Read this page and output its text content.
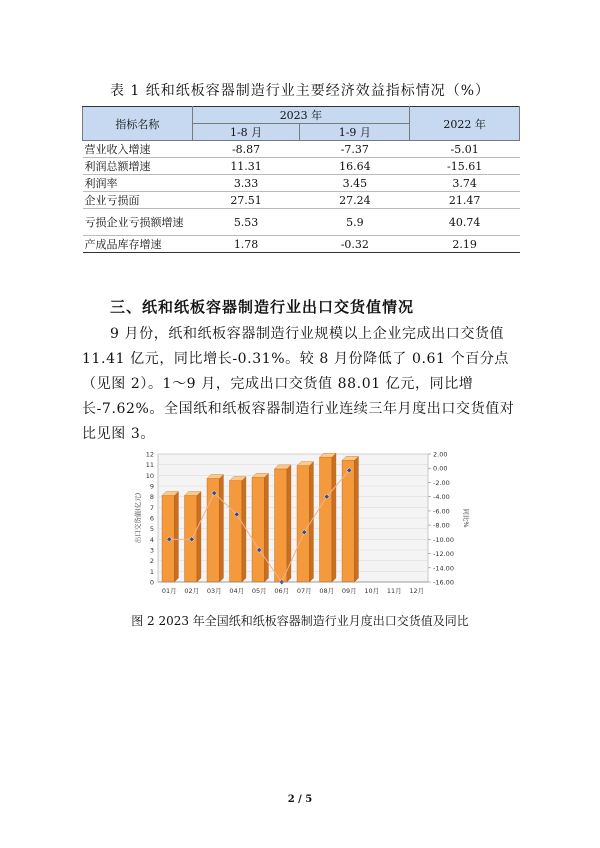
表 1 纸和纸板容器制造行业主要经济效益指标情况（%）
指标名称	2023 年		2022 年
	1-8 月	1-9 月	
营业收入增速	-8.87	-7.37	-5.01
利润总额增速	11.31	16.64	-15.61
利润率	3.33	3.45	3.74
企业亏损面	27.51	27.24	21.47
亏损企业亏损额增速	5.53	5.9	40.74
产成品库存增速	1.78	-0.32	2.19
三、纸和纸板容器制造行业出口交货值情况

9 月份，纸和纸板容器制造行业规模以上企业完成出口交货值 11.41 亿元，同比增长-0.31%。较 8 月份降低了 0.61 个百分点（见图 2）。1～9 月，完成出口交货值 88.01 亿元，同比增长-7.62%。全国纸和纸板容器制造行业连续三年月度出口交货值对比见图 3。

0
1
2
3
4
5
6
7
8
9
10
11
12	2.00
0.00
-2.00
-4.00
-6.00
-8.00
-10.00
-12.00
-14.00
-16.00
出口交货值(亿元)	同比%
01月 02月 03月 04月 05月 06月 07月 08月 09月 10月 11月 12月
图 2 2023 年全国纸和纸板容器制造行业月度出口交货值及同比
2 / 5
